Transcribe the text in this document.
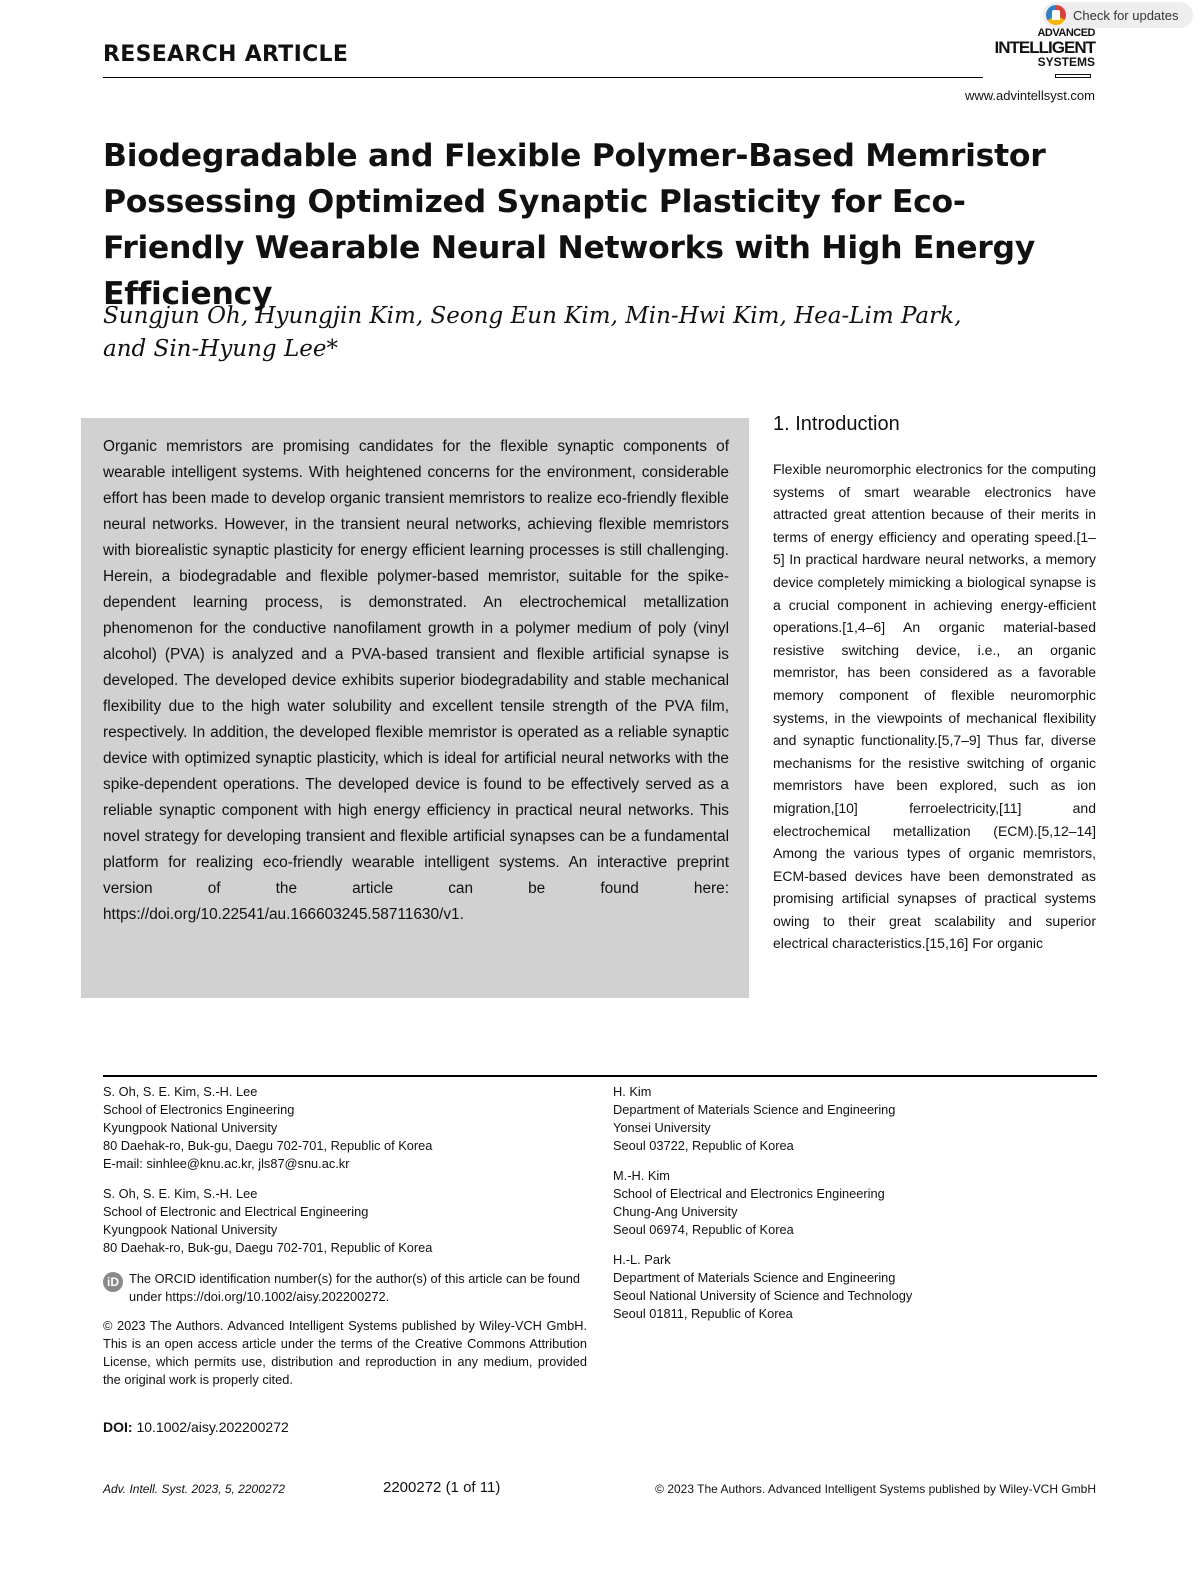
Check for updates
RESEARCH ARTICLE
ADVANCED
INTELLIGENT
SYSTEMS
www.advintellsyst.com
Biodegradable and Flexible Polymer-Based Memristor Possessing Optimized Synaptic Plasticity for Eco-Friendly Wearable Neural Networks with High Energy Efficiency
Sungjun Oh, Hyungjin Kim, Seong Eun Kim, Min-Hwi Kim, Hea-Lim Park, and Sin-Hyung Lee*

Organic memristors are promising candidates for the flexible synaptic components of wearable intelligent systems. With heightened concerns for the environment, considerable effort has been made to develop organic transient memristors to realize eco-friendly flexible neural networks. However, in the transient neural networks, achieving flexible memristors with biorealistic synaptic plasticity for energy efficient learning processes is still challenging. Herein, a biodegradable and flexible polymer-based memristor, suitable for the spike-dependent learning process, is demonstrated. An electrochemical metallization phenomenon for the conductive nanofilament growth in a polymer medium of poly (vinyl alcohol) (PVA) is analyzed and a PVA-based transient and flexible artificial synapse is developed. The developed device exhibits superior biodegradability and stable mechanical flexibility due to the high water solubility and excellent tensile strength of the PVA film, respectively. In addition, the developed flexible memristor is operated as a reliable synaptic device with optimized synaptic plasticity, which is ideal for artificial neural networks with the spike-dependent operations. The developed device is found to be effectively served as a reliable synaptic component with high energy efficiency in practical neural networks. This novel strategy for developing transient and flexible artificial synapses can be a fundamental platform for realizing eco-friendly wearable intelligent systems. An interactive preprint version of the article can be found here: https://doi.org/10.22541/au.166603245.58711630/v1.

1. Introduction

Flexible neuromorphic electronics for the computing systems of smart wearable electronics have attracted great attention because of their merits in terms of energy efficiency and operating speed.[1–5] In practical hardware neural networks, a memory device completely mimicking a biological synapse is a crucial component in achieving energy-efficient operations.[1,4–6] An organic material-based resistive switching device, i.e., an organic memristor, has been considered as a favorable memory component of flexible neuromorphic systems, in the viewpoints of mechanical flexibility and synaptic functionality.[5,7–9] Thus far, diverse mechanisms for the resistive switching of organic memristors have been explored, such as ion migration,[10] ferroelectricity,[11] and electrochemical metallization (ECM).[5,12–14] Among the various types of organic memristors, ECM-based devices have been demonstrated as promising artificial synapses of practical systems owing to their great scalability and superior electrical characteristics.[15,16] For organic

S. Oh, S. E. Kim, S.-H. Lee
School of Electronics Engineering
Kyungpook National University
80 Daehak-ro, Buk-gu, Daegu 702-701, Republic of Korea
E-mail: sinhlee@knu.ac.kr, jls87@snu.ac.kr
S. Oh, S. E. Kim, S.-H. Lee
School of Electronic and Electrical Engineering
Kyungpook National University
80 Daehak-ro, Buk-gu, Daegu 702-701, Republic of Korea
H. Kim
Department of Materials Science and Engineering
Yonsei University
Seoul 03722, Republic of Korea
M.-H. Kim
School of Electrical and Electronics Engineering
Chung-Ang University
Seoul 06974, Republic of Korea
H.-L. Park
Department of Materials Science and Engineering
Seoul National University of Science and Technology
Seoul 01811, Republic of Korea
iD The ORCID identification number(s) for the author(s) of this article can be found under https://doi.org/10.1002/aisy.202200272.

© 2023 The Authors. Advanced Intelligent Systems published by Wiley-VCH GmbH. This is an open access article under the terms of the Creative Commons Attribution License, which permits use, distribution and reproduction in any medium, provided the original work is properly cited.

DOI: 10.1002/aisy.202200272
Adv. Intell. Syst. 2023, 5, 2200272	2200272 (1 of 11)	© 2023 The Authors. Advanced Intelligent Systems published by Wiley-VCH GmbH
